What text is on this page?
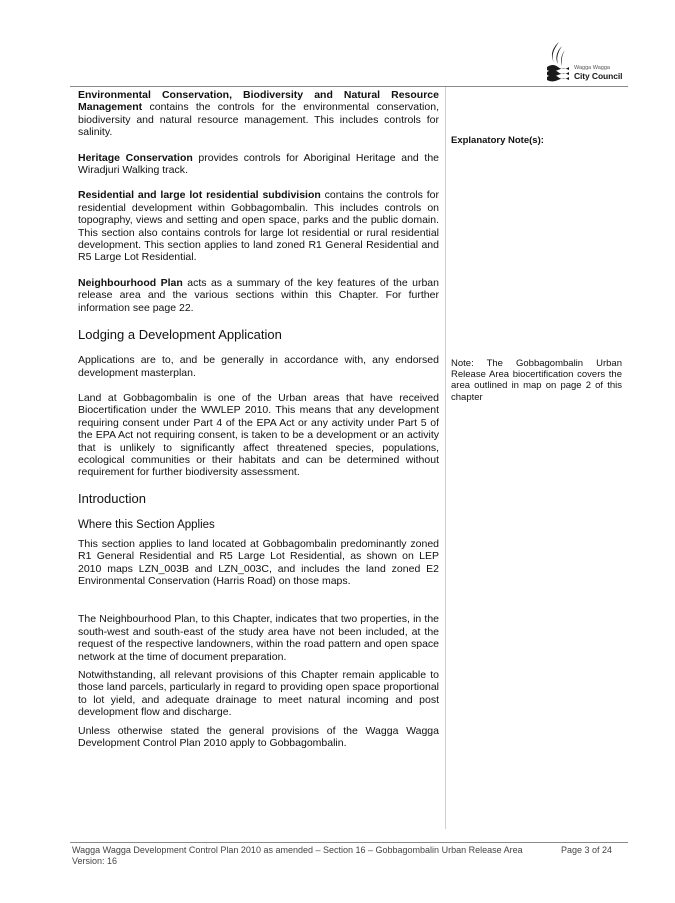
Wagga Wagga
City Council

Environmental Conservation, Biodiversity and Natural Resource Management contains the controls for the environmental conservation, biodiversity and natural resource management. This includes controls for salinity.

Heritage Conservation provides controls for Aboriginal Heritage and the Wiradjuri Walking track.

Residential and large lot residential subdivision contains the controls for residential development within Gobbagombalin. This includes controls on topography, views and setting and open space, parks and the public domain. This section also contains controls for large lot residential or rural residential development. This section applies to land zoned R1 General Residential and R5 Large Lot Residential.

Neighbourhood Plan acts as a summary of the key features of the urban release area and the various sections within this Chapter. For further information see page 22.

Lodging a Development Application

Applications are to, and be generally in accordance with, any endorsed development masterplan.

Land at Gobbagombalin is one of the Urban areas that have received Biocertification under the WWLEP 2010. This means that any development requiring consent under Part 4 of the EPA Act or any activity under Part 5 of the EPA Act not requiring consent, is taken to be a development or an activity that is unlikely to significantly affect threatened species, populations, ecological communities or their habitats and can be determined without requirement for further biodiversity assessment.

Introduction
Where this Section Applies

This section applies to land located at Gobbagombalin predominantly zoned R1 General Residential and R5 Large Lot Residential, as shown on LEP 2010 maps LZN_003B and LZN_003C, and includes the land zoned E2 Environmental Conservation (Harris Road) on those maps.

The Neighbourhood Plan, to this Chapter, indicates that two properties, in the south-west and south-east of the study area have not been included, at the request of the respective landowners, within the road pattern and open space network at the time of document preparation.

Notwithstanding, all relevant provisions of this Chapter remain applicable to those land parcels, particularly in regard to providing open space proportional to lot yield, and adequate drainage to meet natural incoming and post development flow and discharge.

Unless otherwise stated the general provisions of the Wagga Wagga Development Control Plan 2010 apply to Gobbagombalin.

Explanatory Note(s):

Note: The Gobbagombalin Urban Release Area biocertification covers the area outlined in map on page 2 of this chapter

Wagga Wagga Development Control Plan 2010 as amended – Section 16 – Gobbagombalin Urban Release Area	Page 3 of 24
Version: 16
